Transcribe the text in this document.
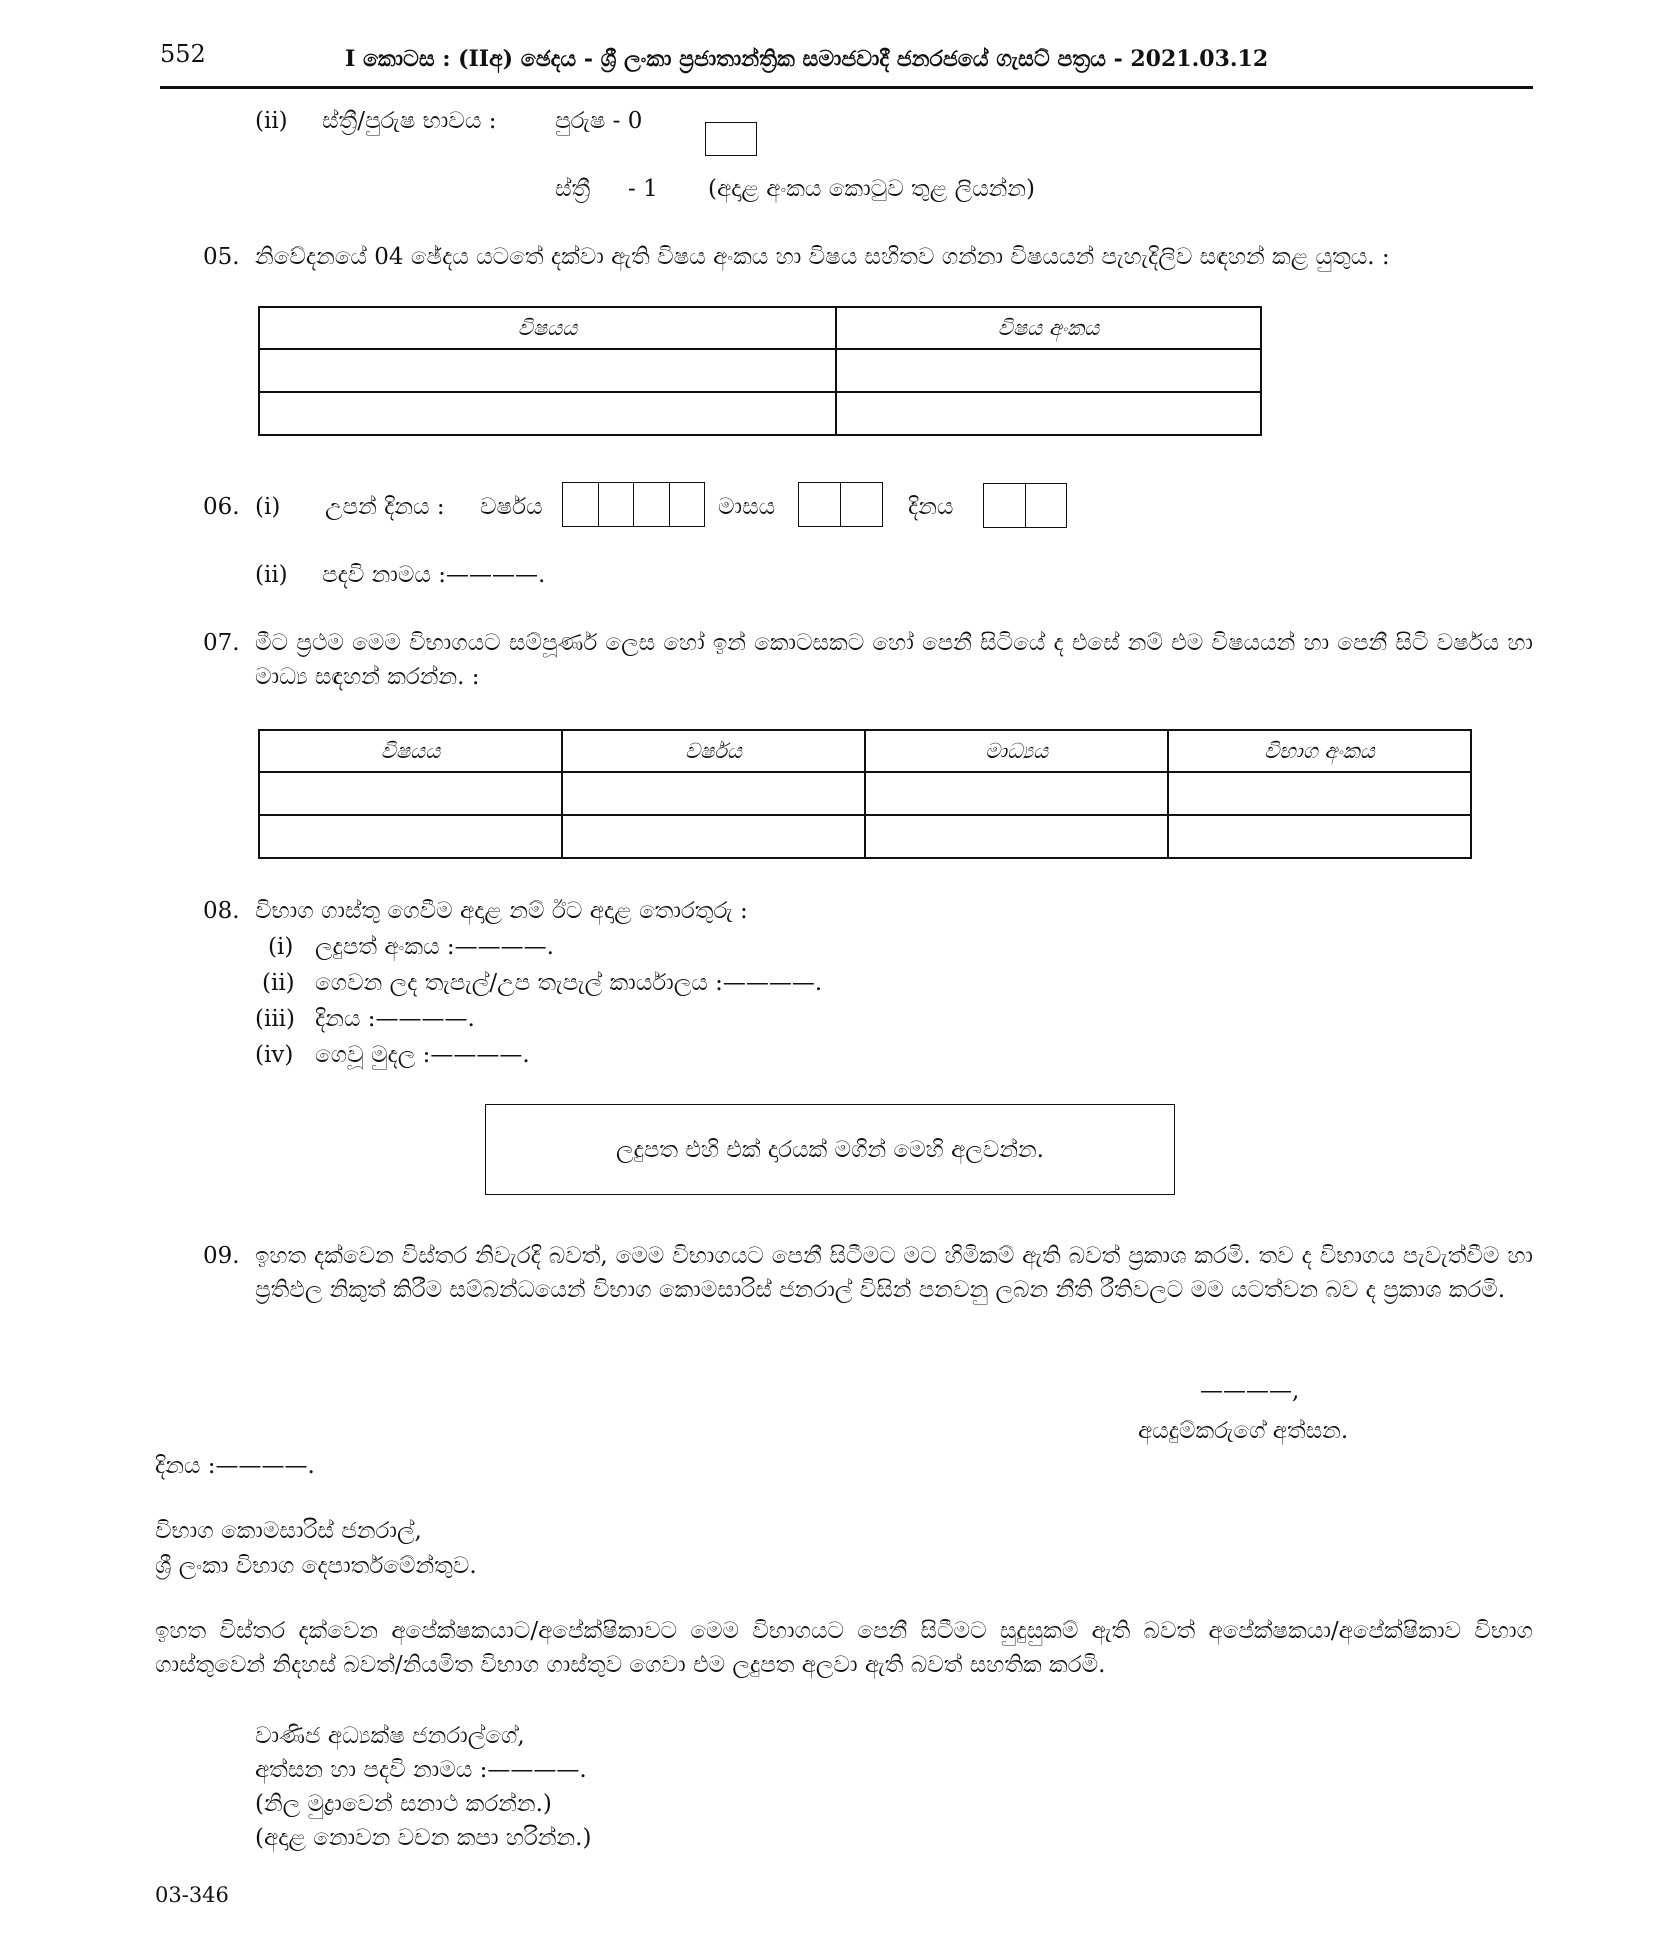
552	I කොටස : (IIඅ) ඡෙදය - ශ්‍රී ලංකා ප්‍රජාතාන්ත්‍රික සමාජවාදී ජනරජයේ ගැසට් පත්‍රය - 2021.03.12
(ii) ස්ත්‍රී/පුරුෂ භාවය :	පුරුෂ - 0
ස්ත්‍රී - 1 (අදාළ අංකය කොටුව තුළ ලියන්න)
05. නිවේදනයේ 04 ඡේදය යටතේ දක්වා ඇති විෂය අංකය හා විෂය සහිතව ගන්නා විෂයයන් පැහැදිලිව සඳහන් කළ යුතුය. :
විෂයය	විෂය අංකය

06. (i) උපන් දිනය : වර්ෂය	මාසය	දිනය
(ii) පදවි නාමය :————.
07. මීට ප්‍රථම මෙම විභාගයට සම්පූර්ණ ලෙස හෝ ඉන් කොටසකට හෝ පෙනී සිටියේ ද එසේ නම් එම විෂයයන් හා පෙනී සිටි වර්ෂය හා මාධ්‍ය සඳහන් කරන්න. :
විෂයය	වර්ෂය	මාධ්‍යය	විභාග අංකය

08. විභාග ගාස්තු ගෙවීම අදාළ නම් ඊට අදාළ තොරතුරු :
(i) ලදුපත් අංකය :————.
(ii) ගෙවන ලද තැපැල්/උප තැපැල් කාර්යාලය :————.
(iii) දිනය :————.
(iv) ගෙවූ මුදල :————.
ලදුපත එහි එක් දාරයක් මගින් මෙහි අලවන්න.
09. ඉහත දක්වෙන විස්තර නිවැරදි බවත්, මෙම විභාගයට පෙනී සිටීමට මට හිමිකම් ඇති බවත් ප්‍රකාශ කරමි. තව ද විභාගය පැවැත්වීම හා ප්‍රතිඵල නිකුත් කිරීම සම්බන්ධයෙන් විභාග කොමසාරිස් ජනරාල් විසින් පනවනු ලබන නීති රීතිවලට මම යටත්වන බව ද ප්‍රකාශ කරමි.
————,
අයදුම්කරුගේ අත්සන.
දිනය :————.
විභාග කොමසාරිස් ජනරාල්,
ශ්‍රී ලංකා විභාග දෙපාර්තමේන්තුව.
ඉහත විස්තර දක්වෙන අපේක්ෂකයාට/අපේක්ෂිකාවට මෙම විභාගයට පෙනී සිටීමට සුදුසුකම් ඇති බවත් අපේක්ෂකයා/අපේක්ෂිකාව විභාග ගාස්තුවෙන් නිදහස් බවත්/නියමිත විභාග ගාස්තුව ගෙවා එම ලදුපත අලවා ඇති බවත් සහතික කරමි.
වාණිජ අධ්‍යක්ෂ ජනරාල්ගේ,
අත්සන හා පදවි නාමය :————.
(නිල මුද්‍රාවෙන් සනාථ කරන්න.)
(අදාළ නොවන වචන කපා හරින්න.)
03-346
